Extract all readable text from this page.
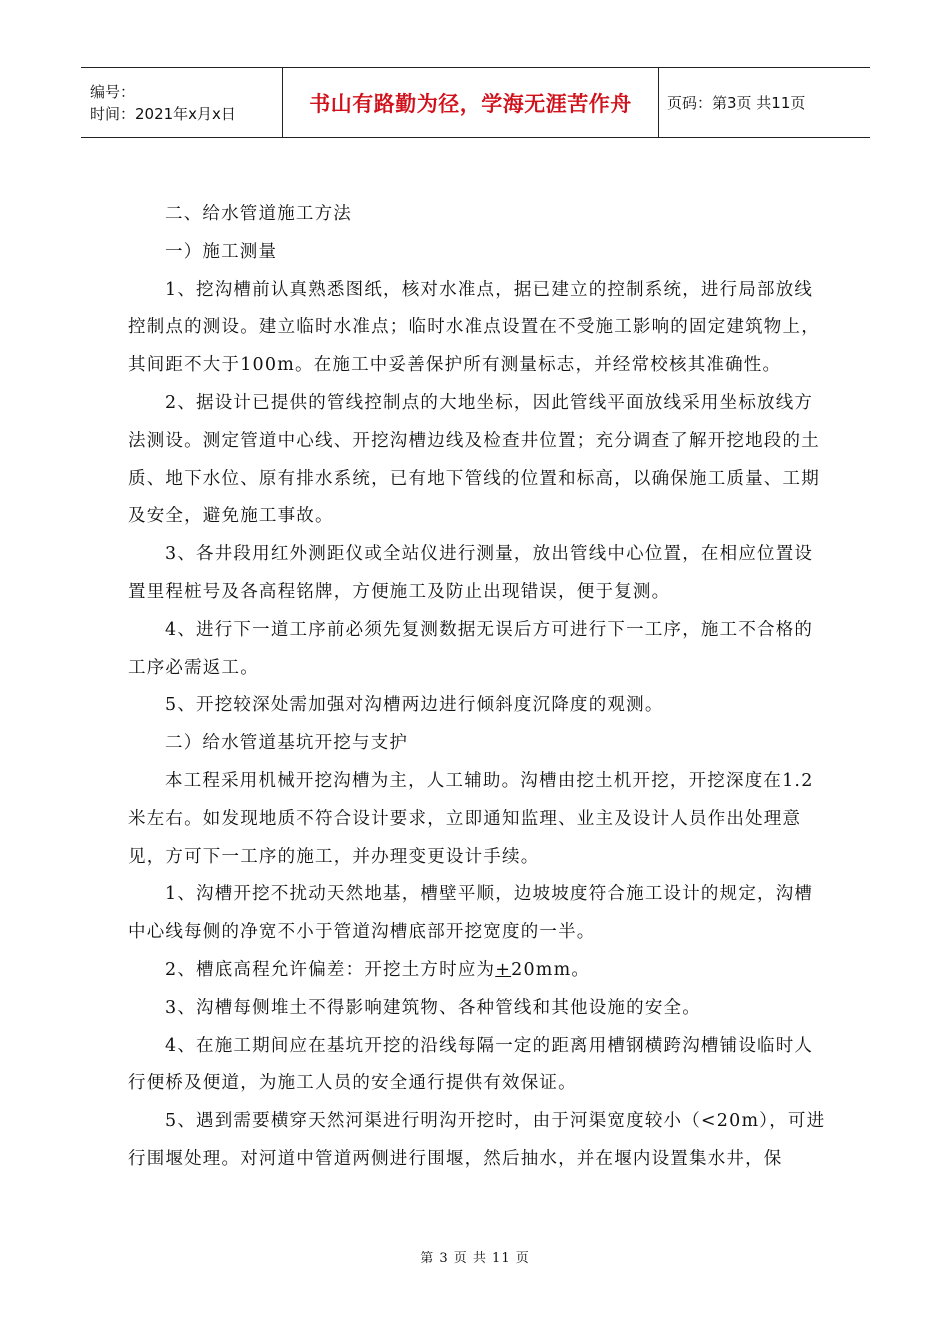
编号：
时间：2021年x月x日	书山有路勤为径，学海无涯苦作舟 页码：第3页 共11页

二、给水管道施工方法

一）施工测量

1、挖沟槽前认真熟悉图纸，核对水准点，据已建立的控制系统，进行局部放线控制点的测设。建立临时水准点；临时水准点设置在不受施工影响的固定建筑物上，其间距不大于100m。在施工中妥善保护所有测量标志，并经常校核其准确性。

2、据设计已提供的管线控制点的大地坐标，因此管线平面放线采用坐标放线方法测设。测定管道中心线、开挖沟槽边线及检查井位置；充分调查了解开挖地段的土质、地下水位、原有排水系统，已有地下管线的位置和标高，以确保施工质量、工期及安全，避免施工事故。

3、各井段用红外测距仪或全站仪进行测量，放出管线中心位置，在相应位置设置里程桩号及各高程铭牌，方便施工及防止出现错误，便于复测。

4、进行下一道工序前必须先复测数据无误后方可进行下一工序，施工不合格的工序必需返工。

5、开挖较深处需加强对沟槽两边进行倾斜度沉降度的观测。

二）给水管道基坑开挖与支护

本工程采用机械开挖沟槽为主，人工辅助。沟槽由挖土机开挖，开挖深度在1.2米左右。如发现地质不符合设计要求，立即通知监理、业主及设计人员作出处理意见，方可下一工序的施工，并办理变更设计手续。

1、沟槽开挖不扰动天然地基，槽壁平顺，边坡坡度符合施工设计的规定，沟槽中心线每侧的净宽不小于管道沟槽底部开挖宽度的一半。

2、槽底高程允许偏差：开挖土方时应为+20mm。

3、沟槽每侧堆土不得影响建筑物、各种管线和其他设施的安全。

4、在施工期间应在基坑开挖的沿线每隔一定的距离用槽钢横跨沟槽铺设临时人行便桥及便道，为施工人员的安全通行提供有效保证。

5、遇到需要横穿天然河渠进行明沟开挖时，由于河渠宽度较小（<20m），可进行围堰处理。对河道中管道两侧进行围堰，然后抽水，并在堰内设置集水井，保

第 3 页 共 11 页
